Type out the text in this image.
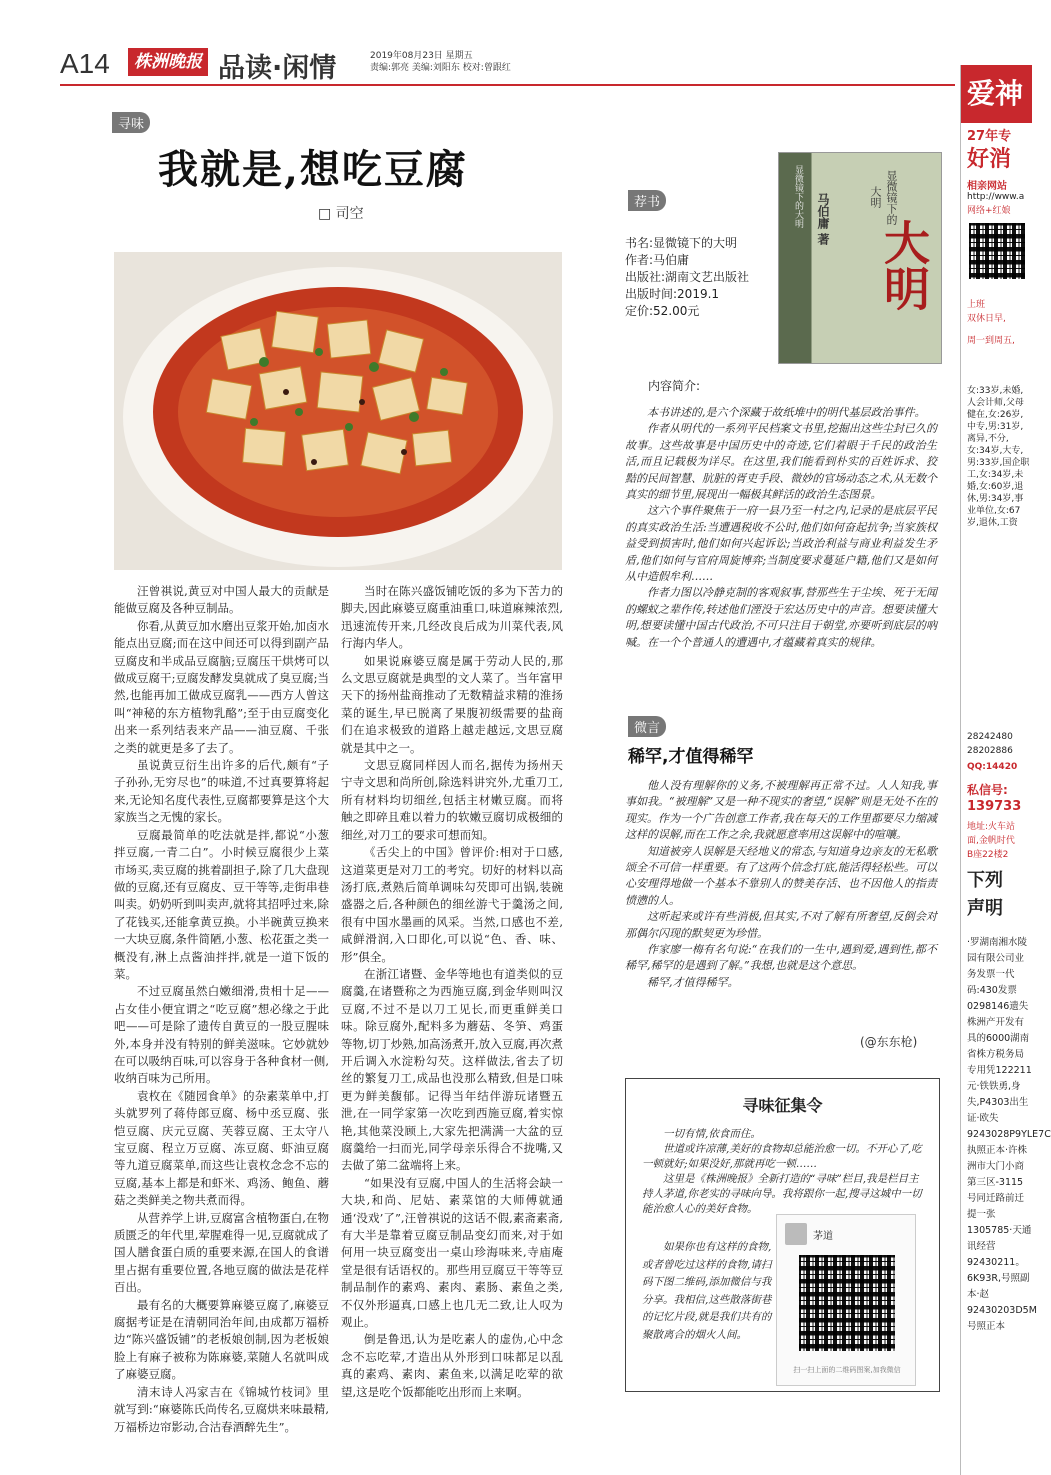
A14	株洲晚报 品读·闲情	2019年08月23日 星期五
责编:郭亮 美编:刘阳东 校对:曾跟红
寻味
我就是,想吃豆腐
□ 司空

汪曾祺说,黄豆对中国人最大的贡献是能做豆腐及各种豆制品。

你看,从黄豆加水磨出豆浆开始,加卤水能点出豆腐;而在这中间还可以得到副产品豆腐皮和半成品豆腐脑;豆腐压干烘烤可以做成豆腐干;豆腐发酵发臭就成了臭豆腐;当然,也能再加工做成豆腐乳——西方人曾这叫“神秘的东方植物乳酪”;至于由豆腐变化出来一系列结表来产品——油豆腐、千张之类的就更是多了去了。

虽说黄豆衍生出许多的后代,颇有“子子孙孙,无穷尽也”的味道,不过真要算将起来,无论知名度代表性,豆腐都要算是这个大家族当之无愧的家长。

豆腐最简单的吃法就是拌,都说“小葱拌豆腐,一青二白”。小时候豆腐很少上菜市场买,卖豆腐的挑着副担子,除了几大盘现做的豆腐,还有豆腐皮、豆干等等,走街串巷叫卖。奶奶听到叫卖声,就将其招呼过来,除了花钱买,还能拿黄豆换。小半碗黄豆换来一大块豆腐,条件简陋,小葱、松花蛋之类一概没有,淋上点酱油拌拌,就是一道下饭的菜。

不过豆腐虽然白嫩细滑,贵相十足——占女佳小便宜谓之“吃豆腐”想必缘之于此吧——可是除了遗传自黄豆的一股豆腥味外,本身并没有特别的鲜美滋味。它妙就妙在可以吸纳百味,可以容身于各种食材一侧,收纳百味为己所用。

袁枚在《随园食单》的杂素菜单中,打头就罗列了蒋侍郎豆腐、杨中丞豆腐、张恺豆腐、庆元豆腐、芙蓉豆腐、王太守八宝豆腐、程立万豆腐、冻豆腐、虾油豆腐等九道豆腐菜单,而这些让袁枚念念不忘的豆腐,基本上都是和虾米、鸡汤、鲍鱼、蘑菇之类鲜美之物共煮而得。

从营养学上讲,豆腐富含植物蛋白,在物质匮乏的年代里,荤腥难得一见,豆腐就成了国人膳食蛋白质的重要来源,在国人的食谱里占据有重要位置,各地豆腐的做法是花样百出。

最有名的大概要算麻婆豆腐了,麻婆豆腐据考证是在清朝同治年间,由成都万福桥边“陈兴盛饭铺”的老板娘创制,因为老板娘脸上有麻子被称为陈麻婆,菜随人名就叫成了麻婆豆腐。

清末诗人冯家吉在《锦城竹枝词》里就写到:“麻婆陈氏尚传名,豆腐烘来味最精,万福桥边帘影动,合沽春酒醉先生”。

当时在陈兴盛饭铺吃饭的多为下苦力的脚夫,因此麻婆豆腐重油重口,味道麻辣浓烈,迅速流传开来,几经改良后成为川菜代表,风行海内华人。

如果说麻婆豆腐是属于劳动人民的,那么文思豆腐就是典型的文人菜了。当年富甲天下的扬州盐商推动了无数精益求精的淮扬菜的诞生,早已脱离了果腹初级需要的盐商们在追求极致的道路上越走越远,文思豆腐就是其中之一。

文思豆腐同样因人而名,据传为扬州天宁寺文思和尚所创,除选料讲究外,尤重刀工,所有材料均切细丝,包括主材嫩豆腐。而将触之即碎且难以着力的软嫩豆腐切成极细的细丝,对刀工的要求可想而知。

《舌尖上的中国》曾评价:相对于口感,这道菜更是对刀工的考究。切好的材料以高汤打底,煮熟后简单调味勾芡即可出锅,装碗盛器之后,各种颜色的细丝游弋于羹汤之间,很有中国水墨画的风采。当然,口感也不差,咸鲜滑润,入口即化,可以说“色、香、味、形”俱全。

在浙江诸暨、金华等地也有道类似的豆腐羹,在诸暨称之为西施豆腐,到金华则叫汉豆腐,不过不是以刀工见长,而更重鲜美口味。除豆腐外,配料多为蘑菇、冬笋、鸡蛋等物,切丁炒熟,加高汤煮开,放入豆腐,再次煮开后调入水淀粉勾芡。这样做法,省去了切丝的繁复刀工,成品也没那么精致,但是口味更为鲜美馥郁。记得当年结伴游玩诸暨五泄,在一同学家第一次吃到西施豆腐,着实惊艳,其他菜没顾上,大家先把满满一大盆的豆腐羹给一扫而光,同学母亲乐得合不拢嘴,又去做了第二盆端将上来。

“如果没有豆腐,中国人的生活将会缺一大块,和尚、尼姑、素菜馆的大师傅就通通‘没戏’了”,汪曾祺说的这话不假,素斋素斋,有大半是靠着豆腐豆制品变幻而来,对于如何用一块豆腐变出一桌山珍海味来,寺庙庵堂是很有话语权的。那些用豆腐豆干等等豆制品制作的素鸡、素肉、素肠、素鱼之类,不仅外形逼真,口感上也几无二致,让人叹为观止。

倒是鲁迅,认为是吃素人的虚伪,心中念念不忘吃荤,才造出从外形到口味都足以乱真的素鸡、素肉、素鱼来,以满足吃荤的欲望,这是吃个饭都能吃出形而上来啊。

荐书
书名:显微镜下的大明
作者:马伯庸
出版社:湖南文艺出版社
出版时间:2019.1
定价:52.00元
显微镜下的大明	显微镜下的大明
马伯庸 著 大明
内容简介:

本书讲述的,是六个深藏于故纸堆中的明代基层政治事件。

作者从明代的一系列平民档案文书里,挖掘出这些尘封已久的故事。这些故事是中国历史中的奇迹,它们着眼于千民的政治生活,而且记载极为详尽。在这里,我们能看到朴实的百姓诉求、狡黠的民间智慧、肮脏的胥吏手段、微妙的官场动态之术,从无数个真实的细节里,展现出一幅极其鲜活的政治生态图景。

这六个事件聚焦于一府一县乃至一村之内,记录的是底层平民的真实政治生活:当遭遇税收不公时,他们如何奋起抗争;当家族权益受到损害时,他们如何兴起诉讼;当政治利益与商业利益发生矛盾,他们如何与官府周旋博弈;当制度要求蔓延户籍,他们又是如何从中造假牟利……

作者力图以冷静克制的客观叙事,替那些生于尘埃、死于无闻的螺蚁之辈作传,转述他们湮没于宏达历史中的声音。想要读懂大明,想要读懂中国古代政治,不可只注目于朝堂,亦要听到底层的吶喊。在一个个普通人的遭遇中,才蕴藏着真实的规律。

微言
稀罕,才值得稀罕

他人没有理解你的义务,不被理解再正常不过。人人知我,事事如我。“被理解”又是一种不现实的奢望,“误解”则是无处不在的现实。作为一个广告创意工作者,我在每天的工作里都要尽力缩减这样的误解,而在工作之余,我就愿意率用这误解中的喧嚷。

知道被旁人误解是天经地义的常态,与知道身边亲友的无私歌颂全不可信一样重要。有了这两个信念打底,能活得轻松些。可以心安理得地做一个基本不靠别人的赞美存活、也不因他人的指责愤懑的人。

这听起来或许有些消极,但其实,不对了解有所奢望,反倒会对那偶尔闪现的默契更为珍惜。

作家廖一梅有名句说:“在我们的一生中,遇到爱,遇到性,都不稀罕,稀罕的是遇到了解。”我想,也就是这个意思。

稀罕,才值得稀罕。

(@东东枪)
寻味征集令

一切有情,依食而住。

世道或许凉薄,美好的食物却总能治愈一切。不开心了,吃一顿就好;如果没好,那就再吃一顿……

这里是《株洲晚报》全新打造的“寻味”栏目,我是栏目主持人茅道,你老实的寻味向导。我将跟你一起,搜寻这城中一切能治愈人心的美好食物。

如果你也有这样的食物,或者曾吃过这样的食物,请扫码下图二维码,添加微信与我分享。我相信,这些散落街巷的记忆片段,就是我们共有的聚散离合的烟火人间。

茅道
扫一扫上面的二维码图案,加我微信
爱神
27年专
好消
相亲网站
http://www.a
网络+红娘
上班
双休日早,
周一到周五,
女:33岁,未婚,人会计师,父母健在,女:26岁,中专,男:31岁,离异,不分,女:34岁,大专,男:33岁,国企职工,女:34岁,未婚,女:60岁,退休,男:34岁,事业单位,女:67岁,退休,工资
28242480
28202886
QQ:14420
私信号:
139733
地址:火车站
面,金帆时代
B座22楼2
下列
声明
·罗湖南湘水陵园有限公司业务发票一代码:430发票0298146遗失株洲产开发有具的6000湖南省株方税务局专用凭122211元·铁铁勇,身失,P4303出生证·欧失9243028P9YLE7C执照正本·许株洲市大门小商第三区-3115号同迁路前迁提一张1305785·天通讯经营92430211。6K93R,号照副本·赵92430203D5M号照正本
